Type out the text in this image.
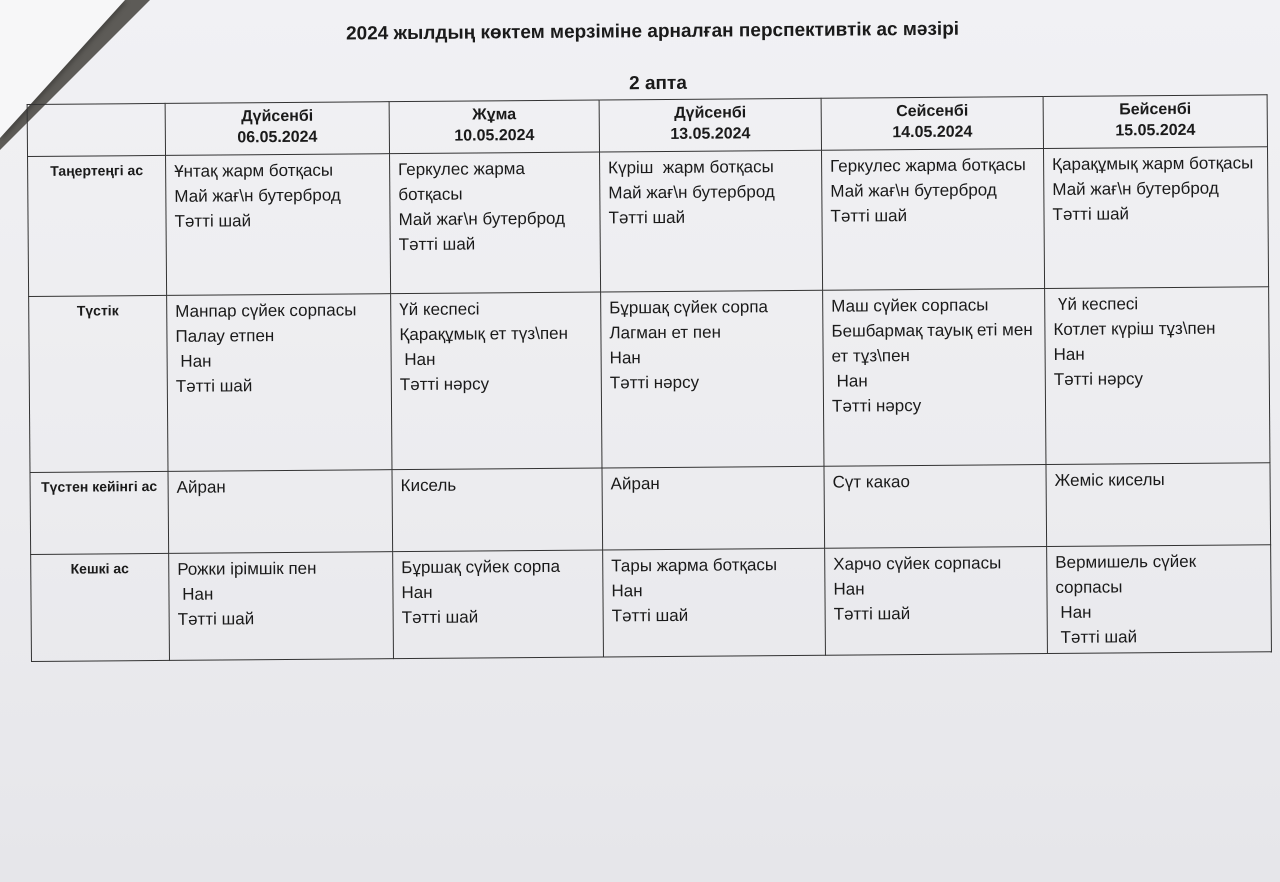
2024 жылдың көктем мерзіміне арналған перспективтік ас мәзірі
2 апта

	Дүйсенбі
06.05.2024	Жұма
10.05.2024	Дүйсенбі
13.05.2024	Сейсенбі
14.05.2024	Бейсенбі
15.05.2024

Таңертеңгі ас	Ұнтақ жарм ботқасы
Май жағ\н бутерброд
Тәтті шай	Геркулес жарма ботқасы
Май жағ\н бутерброд
Тәтті шай	Күріш  жарм ботқасы
Май жағ\н бутерброд
Тәтті шай	Геркулес жарма ботқасы
Май жағ\н бутерброд
Тәтті шай	Қарақұмық жарм ботқасы
Май жағ\н бутерброд
Тәтті шай

Түстік	Манпар сүйек сорпасы
Палау етпен
Нан
Тәтті шай	Үй кеспесі
Қарақұмық ет түз\пен
Нан
Тәтті нәрсу	Бұршақ сүйек сорпа
Лагман ет пен
Нан
Тәтті нәрсу	Маш сүйек сорпасы
Бешбармақ тауық еті мен ет тұз\пен
Нан
Тәтті нәрсу	Үй кеспесі
Котлет күріш тұз\пен
Нан
Тәтті нәрсу

Түстен кейінгі ас	Айран	Кисель	Айран	Сүт какао	Жеміс киселы

Кешкі ас	Рожки ірімшік пен
Нан
Тәтті шай	Бұршақ сүйек сорпа
Нан
Тәтті шай	Тары жарма ботқасы
Нан
Тәтті шай	Харчо сүйек сорпасы
Нан
Тәтті шай	Вермишель сүйек сорпасы
Нан
Тәтті шай
